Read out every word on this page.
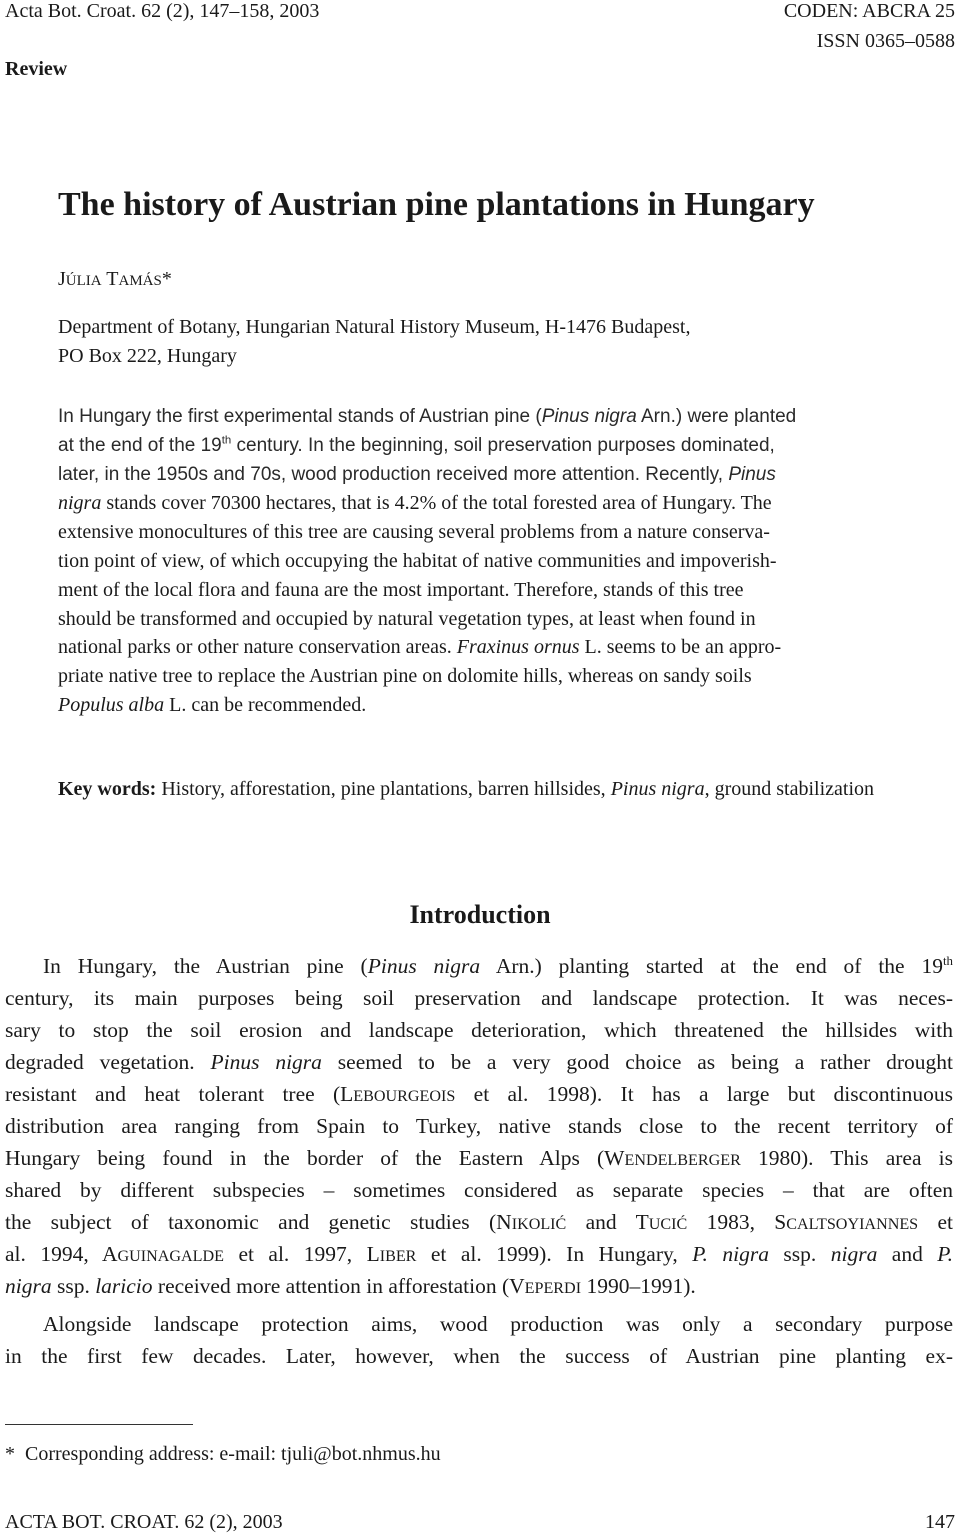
Acta Bot. Croat. 62 (2), 147–158, 2003	CODEN: ABCRA 25
ISSN 0365–0588
Review
The history of Austrian pine plantations in Hungary
JÚLIA TAMÁS*
Department of Botany, Hungarian Natural History Museum, H-1476 Budapest,
PO Box 222, Hungary
In Hungary the first experimental stands of Austrian pine (Pinus nigra Arn.) were planted
at the end of the 19th century. In the beginning, soil preservation purposes dominated,
later, in the 1950s and 70s, wood production received more attention. Recently, Pinus
nigra stands cover 70300 hectares, that is 4.2% of the total forested area of Hungary. The
extensive monocultures of this tree are causing several problems from a nature conserva-
tion point of view, of which occupying the habitat of native communities and impoverish-
ment of the local flora and fauna are the most important. Therefore, stands of this tree
should be transformed and occupied by natural vegetation types, at least when found in
national parks or other nature conservation areas. Fraxinus ornus L. seems to be an appro-
priate native tree to replace the Austrian pine on dolomite hills, whereas on sandy soils
Populus alba L. can be recommended.
Key words: History, afforestation, pine plantations, barren hillsides, Pinus nigra, ground stabilization
Introduction
In Hungary, the Austrian pine (Pinus nigra Arn.) planting started at the end of the 19th
century, its main purposes being soil preservation and landscape protection. It was neces-
sary to stop the soil erosion and landscape deterioration, which threatened the hillsides with
degraded vegetation. Pinus nigra seemed to be a very good choice as being a rather drought
resistant and heat tolerant tree (LEBOURGEOIS et al. 1998). It has a large but discontinuous
distribution area ranging from Spain to Turkey, native stands close to the recent territory of
Hungary being found in the border of the Eastern Alps (WENDELBERGER 1980). This area is
shared by different subspecies – sometimes considered as separate species – that are often
the subject of taxonomic and genetic studies (NIKOLIĆ and TUCIĆ 1983, SCALTSOYIANNES et
al. 1994, AGUINAGALDE et al. 1997, LIBER et al. 1999). In Hungary, P. nigra ssp. nigra and P.
nigra ssp. laricio received more attention in afforestation (VEPERDI 1990–1991).
Alongside landscape protection aims, wood production was only a secondary purpose
in the first few decades. Later, however, when the success of Austrian pine planting ex-
* Corresponding address: e-mail: tjuli@bot.nhmus.hu
ACTA BOT. CROAT. 62 (2), 2003	147
